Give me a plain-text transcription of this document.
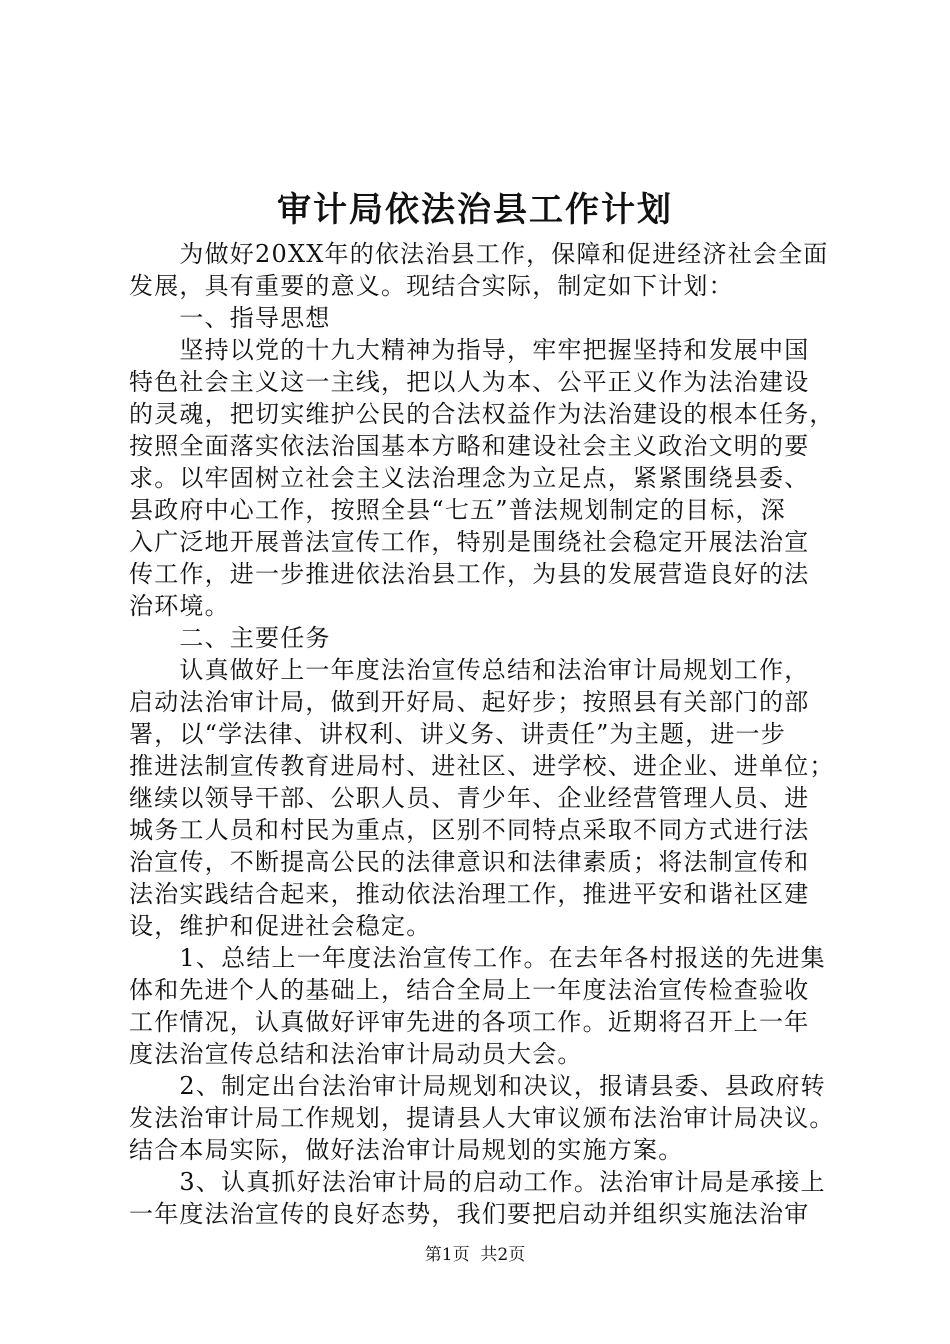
审计局依法治县工作计划
　　为做好20XX年的依法治县工作，保障和促进经济社会全面
发展，具有重要的意义。现结合实际，制定如下计划：
　　一、指导思想
　　坚持以党的十九大精神为指导，牢牢把握坚持和发展中国
特色社会主义这一主线，把以人为本、公平正义作为法治建设
的灵魂，把切实维护公民的合法权益作为法治建设的根本任务，
按照全面落实依法治国基本方略和建设社会主义政治文明的要
求。以牢固树立社会主义法治理念为立足点，紧紧围绕县委、
县政府中心工作，按照全县“七五”普法规划制定的目标，深
入广泛地开展普法宣传工作，特别是围绕社会稳定开展法治宣
传工作，进一步推进依法治县工作，为县的发展营造良好的法
治环境。
　　二、主要任务
　　认真做好上一年度法治宣传总结和法治审计局规划工作，
启动法治审计局，做到开好局、起好步；按照县有关部门的部
署，以“学法律、讲权利、讲义务、讲责任”为主题，进一步
推进法制宣传教育进局村、进社区、进学校、进企业、进单位；
继续以领导干部、公职人员、青少年、企业经营管理人员、进
城务工人员和村民为重点，区别不同特点采取不同方式进行法
治宣传，不断提高公民的法律意识和法律素质；将法制宣传和
法治实践结合起来，推动依法治理工作，推进平安和谐社区建
设，维护和促进社会稳定。
　　1、总结上一年度法治宣传工作。在去年各村报送的先进集
体和先进个人的基础上，结合全局上一年度法治宣传检查验收
工作情况，认真做好评审先进的各项工作。近期将召开上一年
度法治宣传总结和法治审计局动员大会。
　　2、制定出台法治审计局规划和决议，报请县委、县政府转
发法治审计局工作规划，提请县人大审议颁布法治审计局决议。
结合本局实际，做好法治审计局规划的实施方案。
　　3、认真抓好法治审计局的启动工作。法治审计局是承接上
一年度法治宣传的良好态势，我们要把启动并组织实施法治审
第1页  共2页
